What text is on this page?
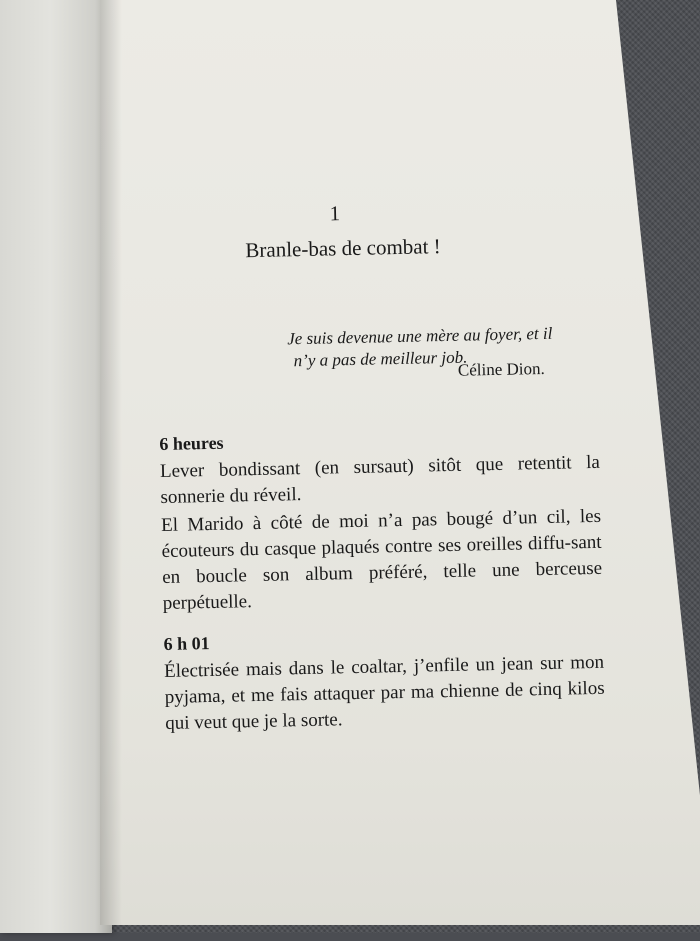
1
Branle-bas de combat !
Je suis devenue une mère au foyer, et il
n’y a pas de meilleur job.
Céline Dion.
6 heures

Lever bondissant (en sursaut) sitôt que retentit la sonnerie du réveil.

El Marido à côté de moi n’a pas bougé d’un cil, les écouteurs du casque plaqués contre ses oreilles diffu-sant en boucle son album préféré, telle une berceuse perpétuelle.

6 h 01

Électrisée mais dans le coaltar, j’enfile un jean sur mon pyjama, et me fais attaquer par ma chienne de cinq kilos qui veut que je la sorte.
